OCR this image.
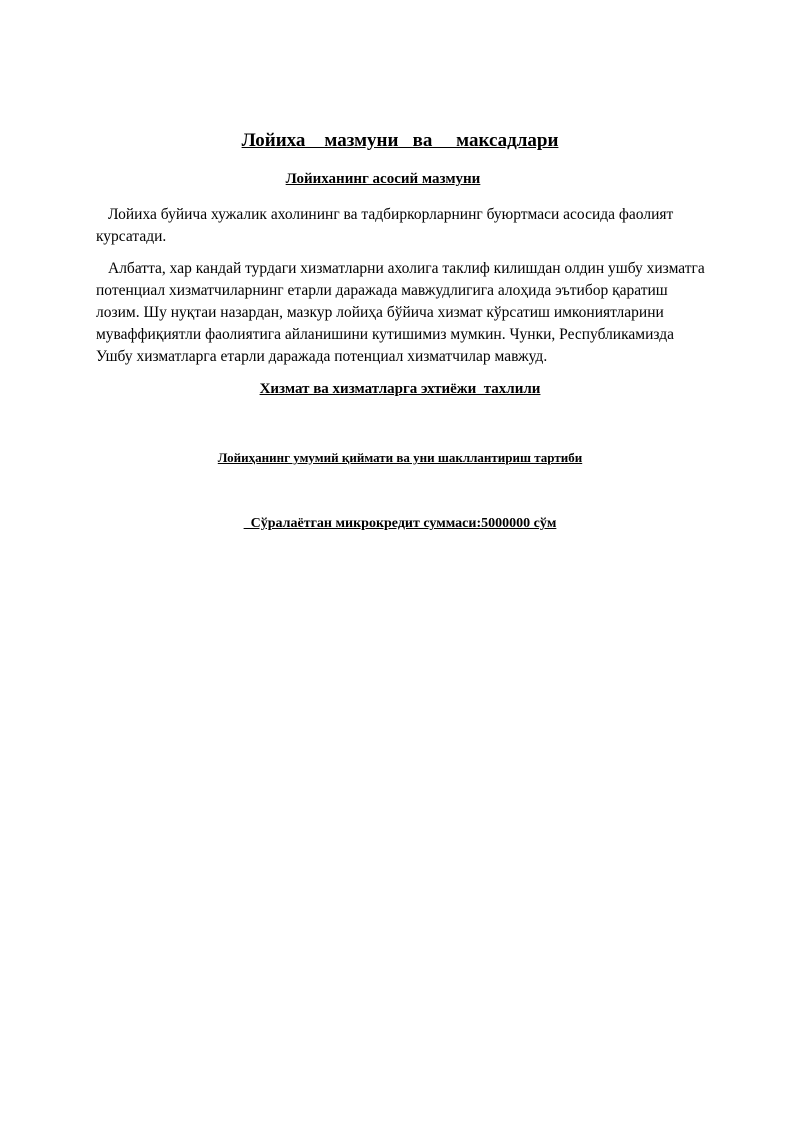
Лойиха    мазмуни   ва     максадлари
Лойиханинг асосий мазмуни

Лойиха буйича хужалик ахолининг ва тадбиркорларнинг буюртмаси асосида фаолият курсатади.

Албатта, хар кандай турдаги хизматларни ахолига таклиф килишдан олдин ушбу хизматга потенциал хизматчиларнинг етарли даражада мавжудлигига алоҳида эътибор қаратиш лозим. Шу нуқтаи назардан, мазкур лойиҳа бўйича хизмат кўрсатиш имкониятларини муваффиқиятли фаолиятига айланишини кутишимиз мумкин. Чунки, Республикамизда Ушбу хизматларга етарли даражада потенциал хизматчилар мавжуд.

Хизмат ва хизматларга эхтиёжи  тахлили
Лойиҳанинг умумий қиймати ва уни шакллантириш тартиби
Сўралаётган микрокредит суммаси:5000000 сўм
